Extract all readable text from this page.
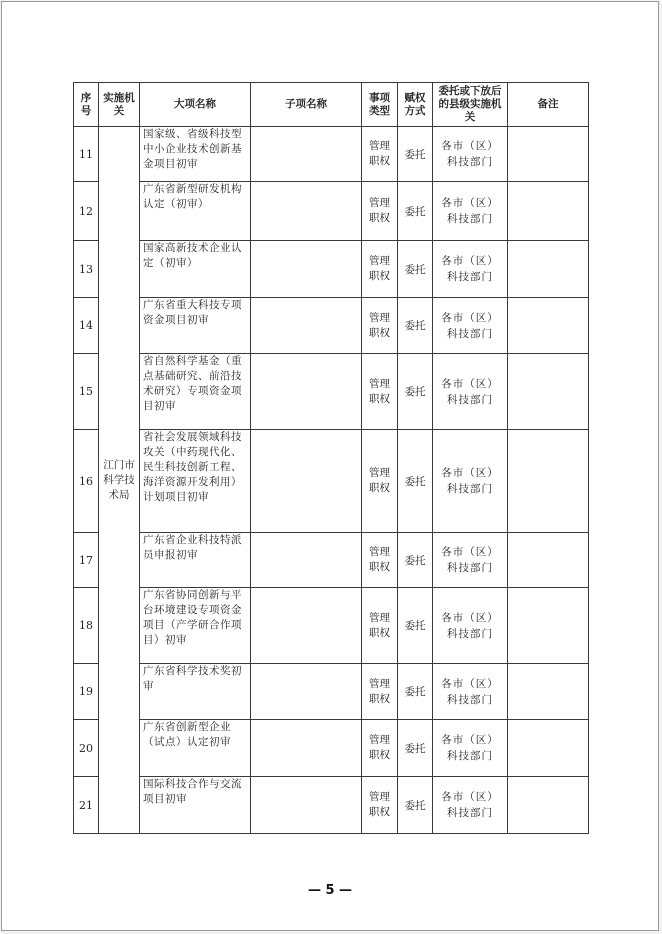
序号	实施机关	大项名称	子项名称	事项类型	赋权方式	委托或下放后的县级实施机关	备注
11	江门市科学技术局	国家级、省级科技型中小企业技术创新基金项目初审		管理职权	委托	各市（区）科技部门	
12		广东省新型研发机构认定（初审）		管理职权	委托	各市（区）科技部门	
13		国家高新技术企业认定（初审）		管理职权	委托	各市（区）科技部门	
14		广东省重大科技专项资金项目初审		管理职权	委托	各市（区）科技部门	
15		省自然科学基金（重点基础研究、前沿技术研究）专项资金项目初审		管理职权	委托	各市（区）科技部门	
16		省社会发展领域科技攻关（中药现代化、民生科技创新工程、海洋资源开发利用）计划项目初审		管理职权	委托	各市（区）科技部门	
17		广东省企业科技特派员申报初审		管理职权	委托	各市（区）科技部门	
18		广东省协同创新与平台环境建设专项资金项目（产学研合作项目）初审		管理职权	委托	各市（区）科技部门	
19		广东省科学技术奖初审		管理职权	委托	各市（区）科技部门	
20		广东省创新型企业（试点）认定初审		管理职权	委托	各市（区）科技部门	
21		国际科技合作与交流项目初审		管理职权	委托	各市（区）科技部门	
— 5 —
